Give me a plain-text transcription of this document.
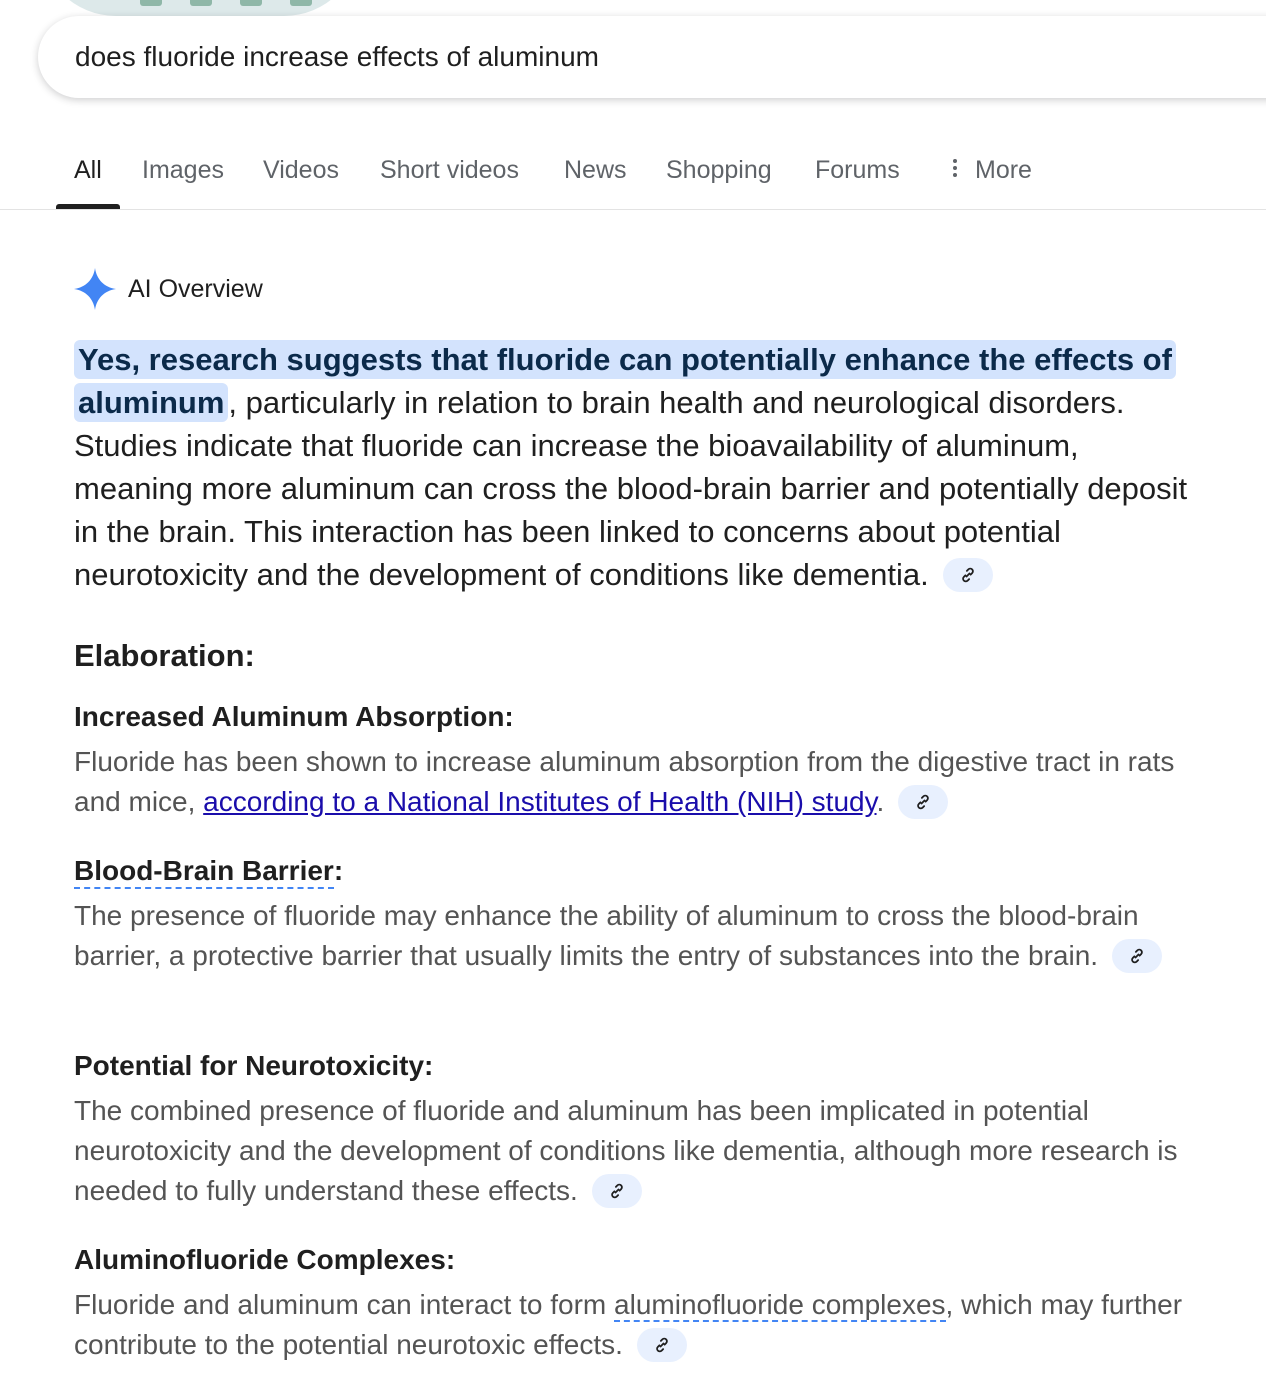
does fluoride increase effects of aluminum
All Images Videos Short videos News Shopping Forums	More
AI Overview

Yes, research suggests that fluoride can potentially enhance the effects of aluminum , particularly in relation to brain health and neurological disorders. Studies indicate that fluoride can increase the bioavailability of aluminum, meaning more aluminum can cross the blood-brain barrier and potentially deposit in the brain. This interaction has been linked to concerns about potential neurotoxicity and the development of conditions like dementia.

Elaboration:
Increased Aluminum Absorption:

Fluoride has been shown to increase aluminum absorption from the digestive tract in rats and mice, according to a National Institutes of Health (NIH) study.

Blood-Brain Barrier:

The presence of fluoride may enhance the ability of aluminum to cross the blood-brain barrier, a protective barrier that usually limits the entry of substances into the brain.

Potential for Neurotoxicity:

The combined presence of fluoride and aluminum has been implicated in potential neurotoxicity and the development of conditions like dementia, although more research is needed to fully understand these effects.

Aluminofluoride Complexes:

Fluoride and aluminum can interact to form aluminofluoride complexes, which may further contribute to the potential neurotoxic effects.
